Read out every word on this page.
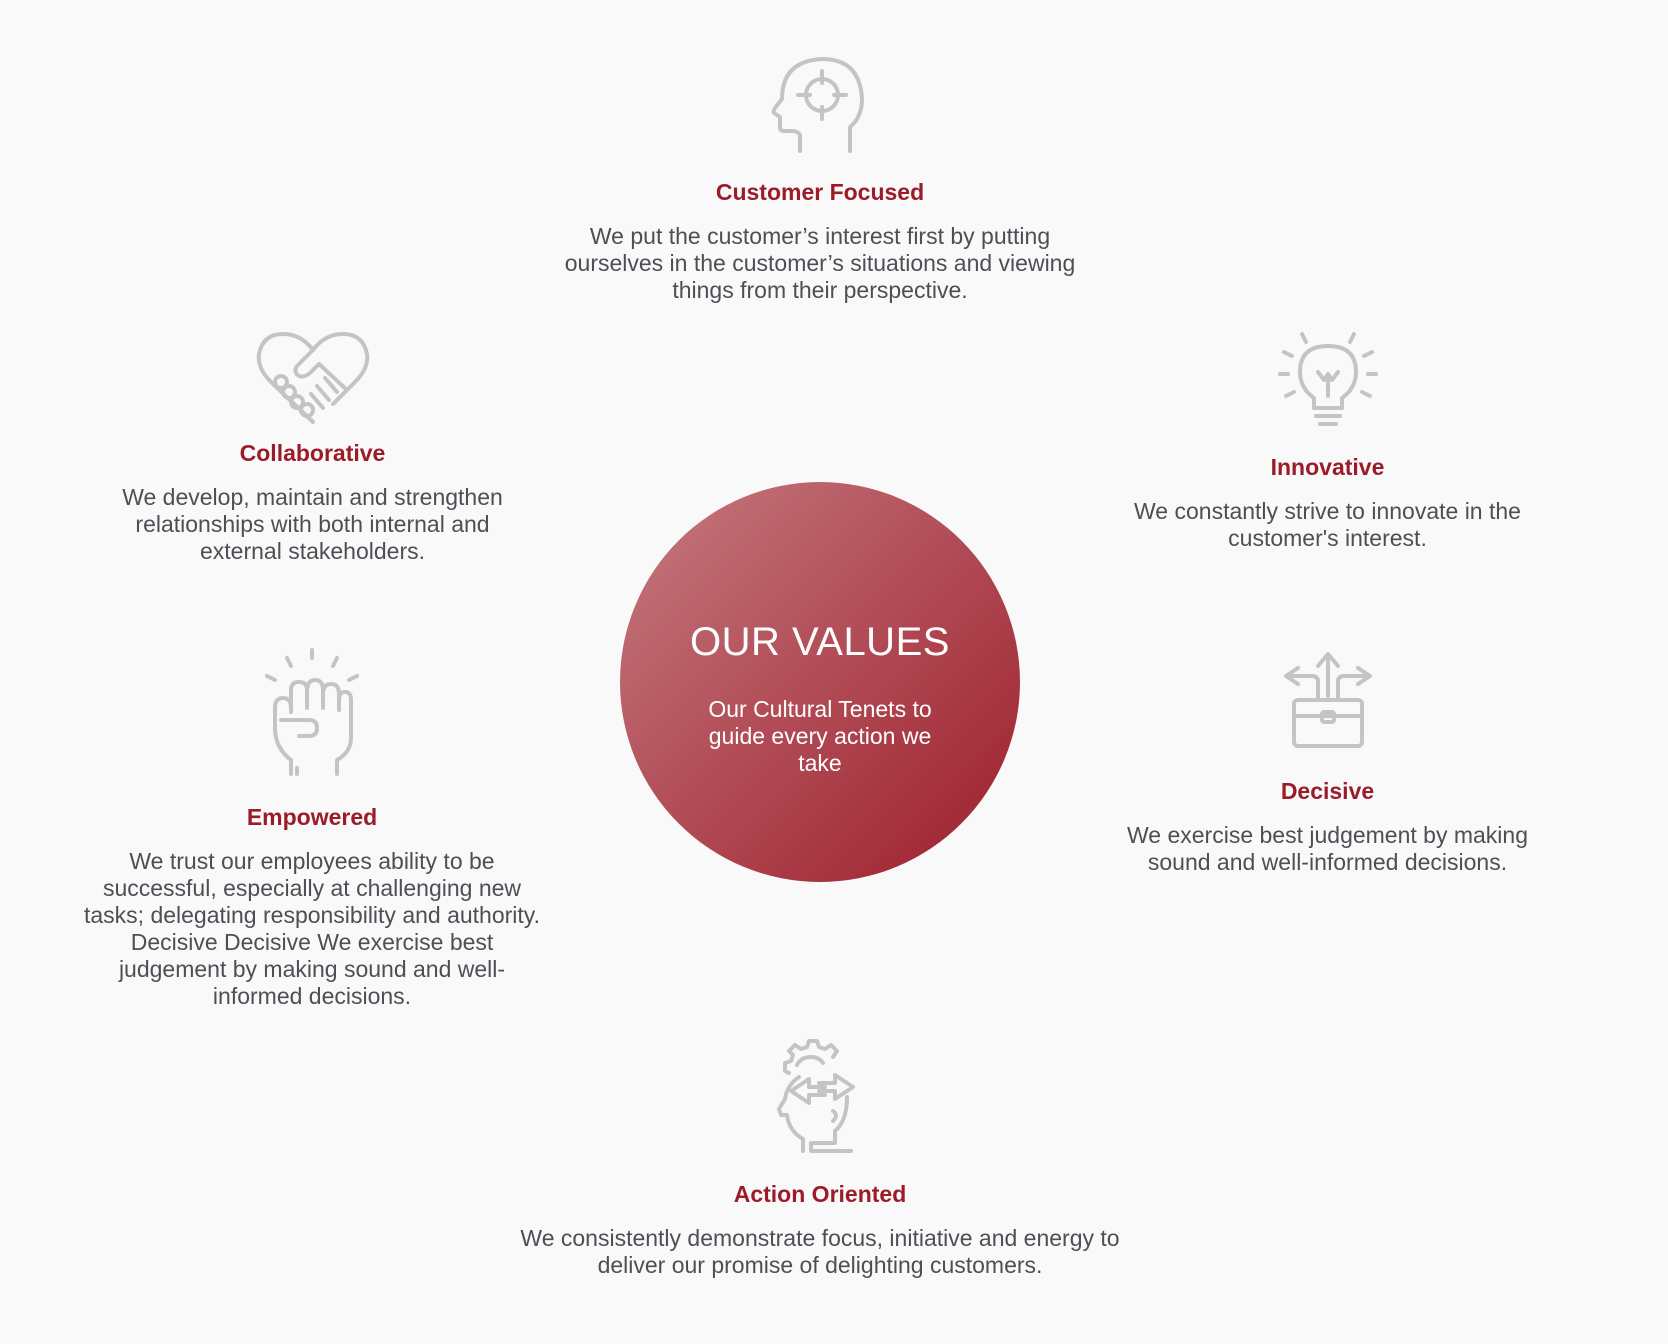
Customer Focused

We put the customer’s interest first by putting ourselves in the customer’s situations and viewing things from their perspective.

Collaborative

We develop, maintain and strengthen relationships with both internal and external stakeholders.

Innovative

We constantly strive to innovate in the customer's interest.

Empowered

We trust our employees ability to be successful, especially at challenging new tasks; delegating responsibility and authority. Decisive Decisive We exercise best judgement by making sound and well-informed decisions.

Decisive

We exercise best judgement by making sound and well-informed decisions.

Action Oriented

We consistently demonstrate focus, initiative and energy to deliver our promise of delighting customers.

OUR VALUES
Our Cultural Tenets to guide every action we take
